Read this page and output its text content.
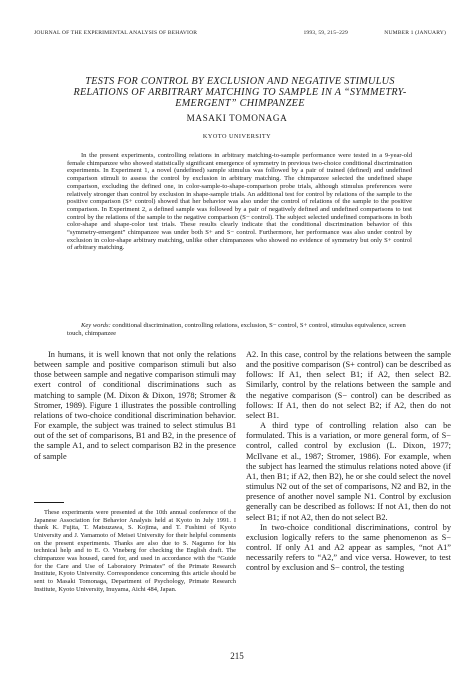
JOURNAL OF THE EXPERIMENTAL ANALYSIS OF BEHAVIOR	1993, 59, 215–229	NUMBER 1 (JANUARY)
TESTS FOR CONTROL BY EXCLUSION AND NEGATIVE STIMULUS RELATIONS OF ARBITRARY MATCHING TO SAMPLE IN A “SYMMETRY-EMERGENT” CHIMPANZEE
MASAKI TOMONAGA
KYOTO UNIVERSITY

In the present experiments, controlling relations in arbitrary matching-to-sample performance were tested in a 9-year-old female chimpanzee who showed statistically significant emergence of symmetry in previous two-choice conditional discrimination experiments. In Experiment 1, a novel (undefined) sample stimulus was followed by a pair of trained (defined) and undefined comparison stimuli to assess the control by exclusion in arbitrary matching. The chimpanzee selected the undefined shape comparison, excluding the defined one, in color-sample-to-shape-comparison probe trials, although stimulus preferences were relatively stronger than control by exclusion in shape-sample trials. An additional test for control by relations of the sample to the positive comparison (S+ control) showed that her behavior was also under the control of relations of the sample to the positive comparison. In Experiment 2, a defined sample was followed by a pair of negatively defined and undefined comparisons to test control by the relations of the sample to the negative comparison (S− control). The subject selected undefined comparisons in both color-shape and shape-color test trials. These results clearly indicate that the conditional discrimination behavior of this “symmetry-emergent” chimpanzee was under both S+ and S− control. Furthermore, her performance was also under control by exclusion in color-shape arbitrary matching, unlike other chimpanzees who showed no evidence of symmetry but only S+ control of arbitrary matching.

Key words: conditional discrimination, controlling relations, exclusion, S− control, S+ control, stimulus equivalence, screen touch, chimpanzee

In humans, it is well known that not only the relations between sample and positive comparison stimuli but also those between sample and negative comparison stimuli may exert control of conditional discriminations such as matching to sample (M. Dixon & Dixon, 1978; Stromer & Stromer, 1989). Figure 1 illustrates the possible controlling relations of two-choice conditional discrimination behavior. For example, the subject was trained to select stimulus B1 out of the set of comparisons, B1 and B2, in the presence of the sample A1, and to select comparison B2 in the presence of sample

These experiments were presented at the 10th annual conference of the Japanese Association for Behavior Analysis held at Kyoto in July 1991. I thank K. Fujita, T. Matsuzawa, S. Kojima, and T. Fushimi of Kyoto University and J. Yamamoto of Meisei University for their helpful comments on the present experiments. Thanks are also due to S. Nagumo for his technical help and to E. O. Vineberg for checking the English draft. The chimpanzee was housed, cared for, and used in accordance with the “Guide for the Care and Use of Laboratory Primates” of the Primate Research Institute, Kyoto University. Correspondence concerning this article should be sent to Masaki Tomonaga, Department of Psychology, Primate Research Institute, Kyoto University, Inuyama, Aichi 484, Japan.

A2. In this case, control by the relations between the sample and the positive comparison (S+ control) can be described as follows: If A1, then select B1; if A2, then select B2. Similarly, control by the relations between the sample and the negative comparison (S− control) can be described as follows: If A1, then do not select B2; if A2, then do not select B1.

A third type of controlling relation also can be formulated. This is a variation, or more general form, of S− control, called control by exclusion (L. Dixon, 1977; McIlvane et al., 1987; Stromer, 1986). For example, when the subject has learned the stimulus relations noted above (if A1, then B1; if A2, then B2), he or she could select the novel stimulus N2 out of the set of comparisons, N2 and B2, in the presence of another novel sample N1. Control by exclusion generally can be described as follows: If not A1, then do not select B1; if not A2, then do not select B2.

In two-choice conditional discriminations, control by exclusion logically refers to the same phenomenon as S− control. If only A1 and A2 appear as samples, “not A1” necessarily refers to “A2,” and vice versa. However, to test control by exclusion and S− control, the testing

215
